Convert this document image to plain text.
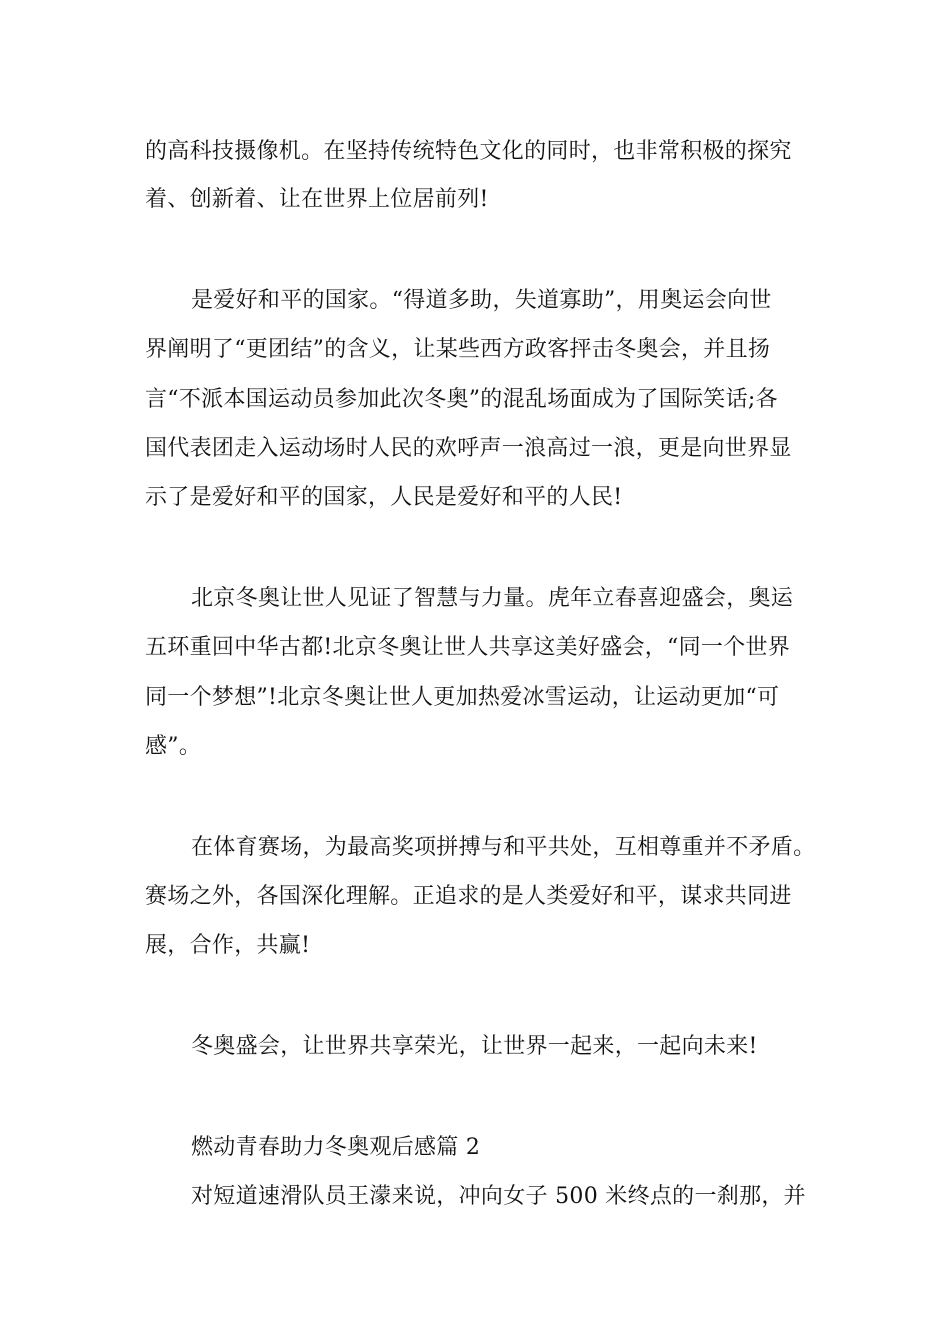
的高科技摄像机。在坚持传统特色文化的同时，也非常积极的探究
着、创新着、让在世界上位居前列!
是爱好和平的国家。“得道多助，失道寡助”，用奥运会向世
界阐明了“更团结”的含义，让某些西方政客抨击冬奥会，并且扬
言“不派本国运动员参加此次冬奥”的混乱场面成为了国际笑话;各
国代表团走入运动场时人民的欢呼声一浪高过一浪，更是向世界显
示了是爱好和平的国家，人民是爱好和平的人民!
北京冬奥让世人见证了智慧与力量。虎年立春喜迎盛会，奥运
五环重回中华古都!北京冬奥让世人共享这美好盛会，“同一个世界
同一个梦想”!北京冬奥让世人更加热爱冰雪运动，让运动更加“可
感”。
在体育赛场，为最高奖项拼搏与和平共处，互相尊重并不矛盾。
赛场之外，各国深化理解。正追求的是人类爱好和平，谋求共同进
展，合作，共赢!
冬奥盛会，让世界共享荣光，让世界一起来，一起向未来!
燃动青春助力冬奥观后感篇 2
对短道速滑队员王濛来说，冲向女子 500 米终点的一刹那，并
